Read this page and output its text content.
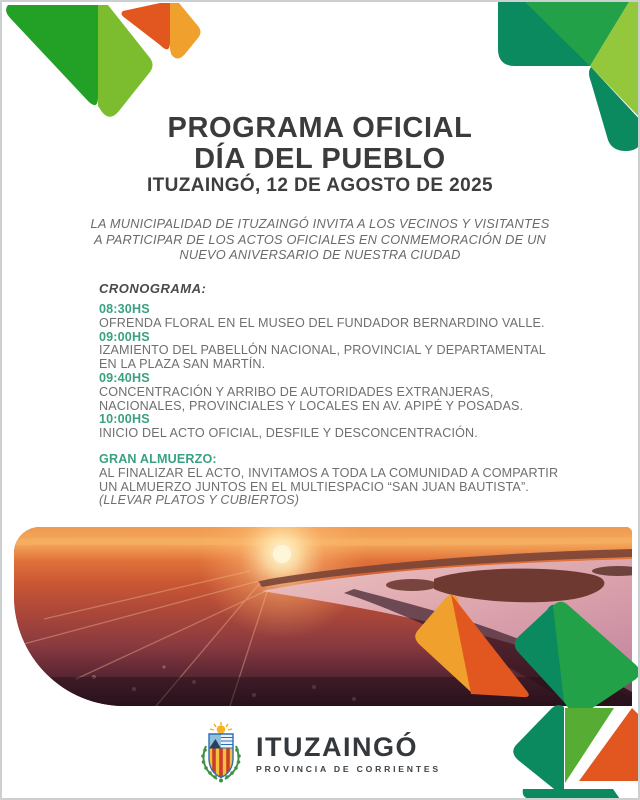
PROGRAMA OFICIAL
DÍA DEL PUEBLO
ITUZAINGÓ, 12 DE AGOSTO DE 2025
LA MUNICIPALIDAD DE ITUZAINGÓ INVITA A LOS VECINOS Y VISITANTES
A PARTICIPAR DE LOS ACTOS OFICIALES EN CONMEMORACIÓN DE UN
NUEVO ANIVERSARIO DE NUESTRA CIUDAD
CRONOGRAMA:
08:30HS
OFRENDA FLORAL EN EL MUSEO DEL FUNDADOR BERNARDINO VALLE.
09:00HS
IZAMIENTO DEL PABELLÓN NACIONAL, PROVINCIAL Y DEPARTAMENTAL EN LA PLAZA SAN MARTÍN.
09:40HS
CONCENTRACIÓN Y ARRIBO DE AUTORIDADES EXTRANJERAS, NACIONALES, PROVINCIALES Y LOCALES EN AV. APIPÉ Y POSADAS.
10:00HS
INICIO DEL ACTO OFICIAL, DESFILE Y DESCONCENTRACIÓN.
GRAN ALMUERZO:
AL FINALIZAR EL ACTO, INVITAMOS A TODA LA COMUNIDAD A COMPARTIR
UN ALMUERZO JUNTOS EN EL MULTIESPACIO “SAN JUAN BAUTISTA”.
(LLEVAR PLATOS Y CUBIERTOS)
ITUZAINGÓ
PROVINCIA DE CORRIENTES
